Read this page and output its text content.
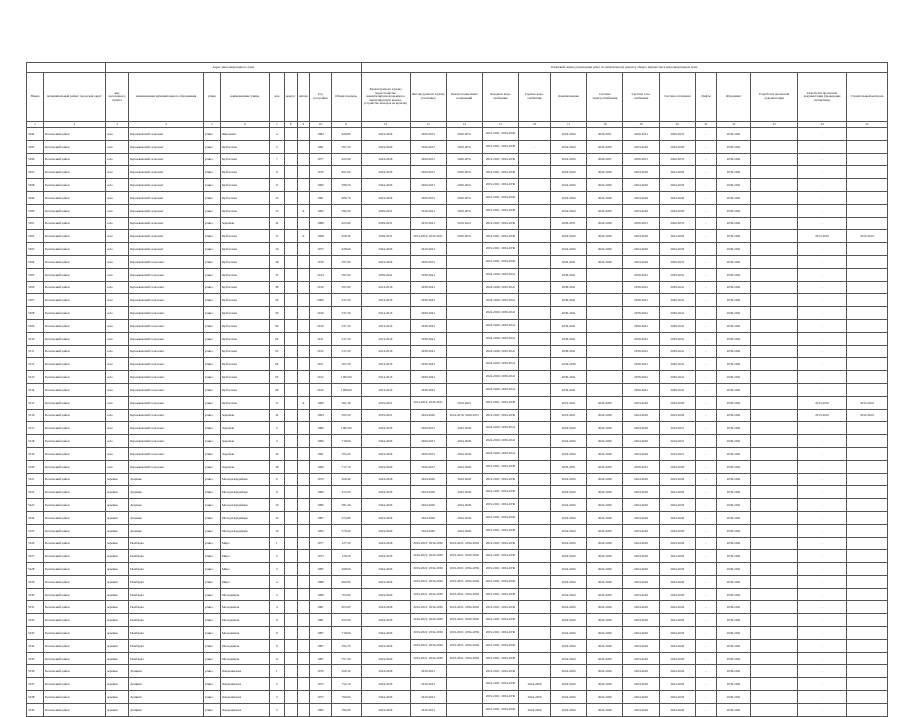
		Адрес многоквартирного дома									Плановый период проведения работ по капитальному ремонту общего имущества в многоквартирном доме													
Номер	муниципальный район/ городской округ	вид населенного пункта	наименование муниципального образования	улица	наименование улицы	дом	корпус	литера	Год постройки	Общая площадь	Кровля (ремонт и (или) переустройство невентилируемой крыши на вентилируемую крышу, устройство выходов на кровлю)	Фасады (ремонт и (или) утепление)	Ремонт подвальных помещений	Холодное водо-снабжение	Горячее водо-снабжение	Канализование	Система электроснабжения	Система газо-снабжения	Система отопления	Лифты	Фундамент	Разработка проектной документации	Разработка проектной документации (проведение экспертизы)	Строительный контроль
1	2	3	4	5	6	7	8	9	10	11	12	13	14	15	16	17	18	19	20	21	22	23	24	25
5294	Котельский район	село	Бережковский сельсовет	улица	Школьная	4			1984	629,80	2024-2026	2029-2031	2029-2031	2019-2021; 2034-2036		2024-2026	2029-2031	2029-2031	2029-2031	-	2039-2041		-	
5295	Котельский район	село	Бережковский сельсовет	улица	Кузбасская	5			1991	597,20	2024-2026	2029-2031	2029-2031	2019-2021; 2034-2036	-	2024-2026	2024-2026	2024-2026	2024-2026	-	2039-2041		-	
5296	Котельский район	село	Бережковский сельсовет	улица	Кузбасская	7			1977	622,90	2024-2026	2029-2031	2029-2031	2019-2021; 2034-2036		2024-2026	2029-2031	2029-2031	2029-2031	-	2039-2041		-	
5297	Котельский район	село	Бережковский сельсовет	улица	Кузбасская	9			1976	601,60	2024-2026	2029-2031	2029-2031	2019-2021; 2034-2036		2024-2026	2024-2026	2024-2026	2024-2026	-	2039-2041		-	
5298	Котельский район	село	Бережковский сельсовет	улица	Кузбасская	11			1969	598,50	2024-2026	2029-2031	2029-2031	2019-2021; 2034-2036		2024-2026	2024-2026	2024-2026	2024-2026	-	2039-2041		-	
5299	Котельский район	село	Бережковский сельсовет	улица	Кузбасская	13			1961	606,70	2024-2026	2029-2031	2029-2031	2019-2021; 2034-2036		2024-2026	2024-2026	2024-2026	2024-2026	-	2039-2041		-	
5300	Котельский район	село	Бережковский сельсовет	улица	Кузбасская	13		А	1962	594,50	2029-2031	2019-2021	2029-2031	2019-2021; 2034-2036		2024-2026	2024-2026	2024-2026	2024-2026	-	2039-2041		-	
5301	Котельский район	село	Бережковский сельсовет	улица	Заречная	14			1988	625,90	2029-2031	2019-2021	2019-2021	2019-2021; 2034-2036		2029-2031	2024-2026	2029-2031	2029-2031	-	2039-2041		-	
5302	Котельский район	село	Бережковский сельсовет	улица	Кузбасская	17		А	1968	629,30	2029-2031	2014-2016; 2029-2031	2029-2031	2019-2021; 2034-2036		2024-2026	2024-2026	2024-2026	2024-2026	-	2039-2041		2015-2016	2015-2016
5303	Котельский район	село	Бережковский сельсовет	улица	Кузбасская	16			1975	628,60	2024-2026	2019-2021		2019-2021; 2034-2036		2024-2026	2024-2026	2024-2026	2024-2026	-	2039-2041		-	
5304	Котельский район	село	Бережковский Сельсовет	улица	Кузбасская	18			1976	597,00	2024-2026	2029-2031		2019-2021; 2034-2036		2029-2031	2024-2026	2024-2026	2029-2031	-	2039-2041		-	
5305	Котельский район	село	Бережковский Сельсовет	улица	Кузбасская	37			2014	597,60	2039-2041	2039-2041		2024-2026; 2039-2041		2039-2041		2039-2041	2039-2041	-	2039-2041		-	
5306	Котельский район	село	Бережковский Сельсовет	улица	Кузбасская	38			2010	597,60	2014-2016	2039-2041		2024-2026; 2039-2041		2039-2041		2039-2041	2039-2041	-	2039-2041		-	
5307	Котельский район	село	Бережковский Сельсовет	улица	Кузбасская	54			2009	537,20	2014-2016	2039-2041		2024-2026; 2039-2041		2039-2041		2039-2041	2039-2041	-	2039-2041		-	
5308	Котельский район	село	Бережковский Сельсовет	улица	Кузбасская	56			2010	537,20	2014-2016	2039-2041		2024-2026; 2039-2041		2039-2041		2039-2041	2039-2041	-	2039-2041		-	
5309	Котельский район	село	Бережковский Сельсовет	улица	Кузбасская	60			2010	537,20	2014-2016	2039-2041		2024-2026; 2039-2041		2039-2041		2039-2041	2039-2041	-	2039-2041		-	
5310	Котельский район	село	Бережковский Сельсовет	улица	Кузбасская	62			2011	537,20	2014-2016	2039-2041		2024-2026; 2039-2041		2039-2041		2039-2041	2039-2041	-	2039-2041		-	
5311	Котельский район	село	Бережковский Сельсовет	улица	Кузбасская	63			2012	537,20	2014-2016	2039-2041		2024-2026; 2039-2041		2039-2041		2039-2041	2039-2041	-	2039-2041		-	
5312	Котельский район	село	Бережковский Сельсовет	улица	Кузбасская	64			2011	507,30	2014-2016	2039-2041		2024-2026; 2039-2041		2034-2036		2039-2041	2039-2041	-	2039-2041		-	
5313	Котельский район	село	Бережковский Сельсовет	улица	Кузбасская	65			2012	1 003,00	2014-2016	2039-2041		2024-2026; 2039-2041		2039-2041		2039-2041	2039-2041	-	2039-2041		-	
5314	Котельский район	село	Бережковский Сельсовет	улица	Кузбасская	66			2012	1 009,60	2014-2016	2039-2041		2024-2026; 2039-2041		2039-2041		2039-2041	2039-2041	-	2039-2041		-	
5315	Котельский район	село	Бережковский Сельсовет	улица	Кузбасская	17		А	1960	561,39	2019-2021	2014-2016; 2029-2031	2019-2021	2019-2021; 2034-2036		2019-2021	2024-2026	2024-2026	2024-2026	-	2039-2041		2015-2016	2015-2016
5316	Котельский район	село	Бережковский Сельсовет	улица	Заречная	14			1964	593,50	2019-2021	2024-2026	2014-2016; 2029-2031	2019-2021; 2034-2036		2019-2021	2024-2026	2024-2026	2024-2026	-	2039-2041		2015-2016	2015-2016
5317	Котельский район	село	Бережковский Сельсовет	улица	Заречная	2			1986	1 002,90	2024-2026	2029-2031	2024-2026	2024-2026; 2039-2041		2024-2026	2024-2026	2024-2026	2019-2021	-	2039-2041		-	
5318	Котельский район	село	Бережковский Сельсовет	улица	Заречная	4			1990	718,90	2024-2026	2029-2031	2024-2026	2024-2026; 2039-2041		2024-2026	2024-2026	2024-2026	2019-2021	-	2039-2041		-	
5319	Котельский район	село	Бережковский Сельсовет	улица	Заречная	10			1991	765,20	2024-2026	2029-2031	2024-2026	2024-2026; 2039-2041		2024-2026	2024-2026	2024-2026	2019-2021	-	2039-2041		-	
5320	Котельский район	село	Бережковский Сельсовет	улица	Заречная	18			1990	717,70	2024-2026	2029-2031	2024-2026	2019-2021; 2034-2036		2029-2031	2024-2026	2029-2031	2024-2026	-	2039-2041		-	
5321	Котельский район	деревня	Доценко	улица	Молодогвардейцев	6			1979	266,40	2024-2026	2024-2026	2024-2026	2019-2021; 2034-2036		2024-2026	2024-2026	2024-2026	2024-2026	-	2039-2041		-	
5322	Котельский район	деревня	Доценко	улица	Молодогвардейцев	8			1980	272,00	2024-2026	2024-2026	2024-2026	2019-2021; 2034-2036		2024-2026	2024-2026	2024-2026	2024-2026	-	2039-2041		-	
5323	Котельский район	деревня	Доценко	улица	Молодогвардейцев	10			1986	581,40	2024-2026	2024-2026	2024-2026	2019-2021; 2034-2036		2024-2026	2024-2026	2024-2026	2024-2026	-	2039-2041		-	
5324	Котельский район	деревня	Доценко	улица	Молодогвардейцев	12			1987	574,80	2024-2026	2024-2026	2024-2026	2019-2021; 2034-2036		2024-2026	2024-2026	2024-2026	2024-2026	-	2039-2041		-	
5325	Котельский район	деревня	Доценко	улица	Молодогвардейцев	16			1992	579,40	2024-2026	2024-2026	2024-2026	2019-2021; 2034-2036		2024-2026	2024-2026	2024-2026	2024-2026	-	2039-2041		-	
5326	Котельский район	деревня	Пыхбарка	улица	Мира	1			1977	127,50	2024-2026	2019-2021; 2034-2036	2019-2021; 2034-2036	2019-2021; 2034-2036		2024-2026	2024-2026	2024-2026	2024-2026	-	2039-2041		-	
5327	Котельский район	деревня	Пыхбарка	улица	Мира	2			1973	129,20	2024-2026	2019-2021; 2034-2036	2019-2021; 2034-2036	2019-2021; 2034-2036		2024-2026	2024-2026	2024-2026	2024-2026	-	2039-2041		-	
5328	Котельский район	деревня	Пыхбарка	улица	Мира	3			1985	268,60	2024-2026	2019-2021; 2034-2036	2019-2021; 2034-2036	2019-2021; 2034-2036		2024-2026	2024-2026	2024-2026	2024-2026	-	2039-2041		-	
5329	Котельский район	деревня	Пыхбарка	улица	Мира	4			1988	600,90	2024-2026	2019-2021; 2034-2036	2019-2021; 2034-2036	2019-2021; 2034-2036		2024-2026	2024-2026	2024-2026	2024-2026	-	2039-2041		-	
5330	Котельский район	деревня	Пыхбарка	улица	Молодежная	3			1986	703,00	2024-2026	2019-2021; 2034-2036	2019-2021; 2034-2036	2019-2021; 2034-2036		2024-2026	2024-2026	2024-2026	2024-2026	-	2039-2041		-	
5331	Котельский район	деревня	Пыхбарка	улица	Молодежная	4			1981	903,00	2024-2026	2019-2021; 2034-2036	2019-2021; 2034-2036	2019-2021; 2034-2036		2024-2026	2024-2026	2024-2026	2024-2026	-	2039-2041		-	
5332	Котельский район	деревня	Пыхбарка	улица	Молодежная	6			1981	922,90	2024-2026	2019-2021; 2034-2036	2019-2021; 2034-2036	2019-2021; 2034-2036		2024-2026	2024-2026	2024-2026	2024-2026	-	2039-2041		-	
5333	Котельский район	деревня	Пыхбарка	улица	Молодежная	8			1987	718,90	2024-2026	2019-2021; 2034-2036	2019-2021; 2034-2036	2019-2021; 2034-2036		2024-2026	2024-2026	2024-2026	2024-2026	-	2039-2041		-	
5334	Котельский район	деревня	Пыхбарка	улица	Молодежная	9			1987	592,70	2024-2026	2019-2021; 2034-2036	2019-2021; 2034-2036	2019-2021; 2034-2036		2024-2026	2024-2026	2024-2026	2024-2026	-	2039-2041		-	
5335	Котельский район	деревня	Пыхбарка	улица	Молодежная	11			1987	557,30	2024-2026	2019-2021; 2034-2036	2019-2021; 2034-2036	2019-2021; 2034-2036		2024-2026	2024-2026	2024-2026	2024-2026	-	2039-2041		-	
5336	Котельский район	деревня	Дощинн	улица	Ожерошилова	1			1976	266,30	2024-2026	2019-2021		2019-2021; 2034-2036		2024-2026	2024-2026	2024-2026	2024-2026	-	2039-2041		-	
5337	Котельский район	деревня	Дощинн	улица	Ожерошилова	2			1975	754,10	2024-2026	2019-2021		2019-2021; 2034-2036	2024-2026	2024-2026	2024-2026	2024-2026	2024-2026	-	2039-2041		-	
5338	Котельский район	деревня	Дощинн	улица	Ожерошилова	3			1975	766,00	2024-2026	2019-2021		2019-2021; 2034-2036	2024-2026	2024-2026	2024-2026	2024-2026	2024-2026	-	2039-2041		-	
5339	Котельский район	деревня	Дощинн	улица	Ожерошилова	5			1982	784,90	2024-2026	2019-2021		2019-2021; 2034-2036	2024-2026	2024-2026	2024-2026	2024-2026	2024-2026	-	2039-2041		-	
